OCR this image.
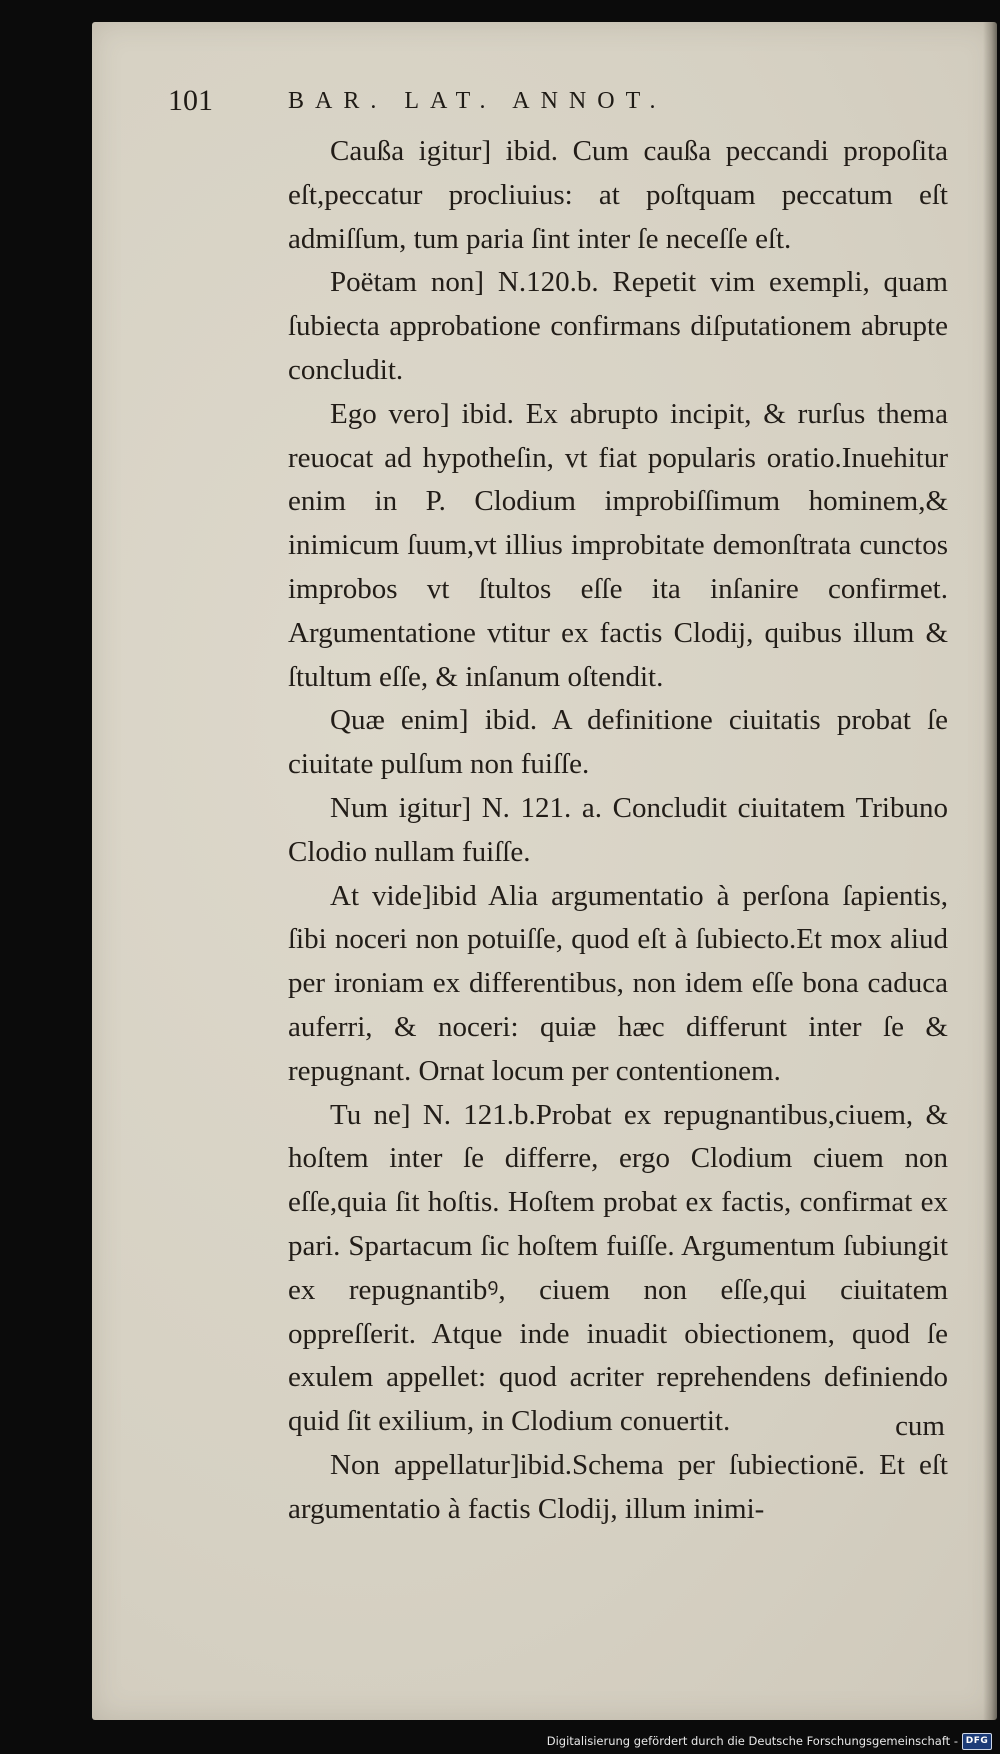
101	BAR. LAT. ANNOT.

Caußa igitur] ibid. Cum caußa peccandi propoſita eſt,peccatur procliuius: at poſtquam peccatum eſt admiſſum, tum paria ſint inter ſe neceſſe eſt.

Poëtam non] N.120.b. Repetit vim exempli, quam ſubiecta approbatione confirmans diſputationem abrupte concludit.

Ego vero] ibid. Ex abrupto incipit, & rurſus thema reuocat ad hypotheſin, vt fiat popularis oratio.Inuehitur enim in P. Clodium improbiſſimum hominem,& inimicum ſuum,vt illius improbitate demonſtrata cunctos improbos vt ſtultos eſſe ita inſanire confirmet. Argumentatione vtitur ex factis Clodij, quibus illum & ſtultum eſſe, & inſanum oſtendit.

Quæ enim] ibid. A definitione ciuitatis probat ſe ciuitate pulſum non fuiſſe.

Num igitur] N. 121. a. Concludit ciuitatem Tribuno Clodio nullam fuiſſe.

At vide]ibid Alia argumentatio à perſona ſapientis, ſibi noceri non potuiſſe, quod eſt à ſubiecto.Et mox aliud per ironiam ex differentibus, non idem eſſe bona caduca auferri, & noceri: quiæ hæc differunt inter ſe & repugnant. Ornat locum per contentionem.

Tu ne] N. 121.b.Probat ex repugnantibus,ciuem, & hoſtem inter ſe differre, ergo Clodium ciuem non eſſe,quia ſit hoſtis. Hoſtem probat ex factis, confirmat ex pari. Spartacum ſic hoſtem fuiſſe. Argumentum ſubiungit ex repugnantibꝰ, ciuem non eſſe,qui ciuitatem oppreſſerit. Atque inde inuadit obiectionem, quod ſe exulem appellet: quod acriter reprehendens definiendo quid ſit exilium, in Clodium conuertit.

Non appellatur]ibid.Schema per ſubiectionē. Et eſt argumentatio à factis Clodij, illum inimi-

cum
Digitalisierung gefördert durch die Deutsche Forschungsgemeinschaft - DFG
